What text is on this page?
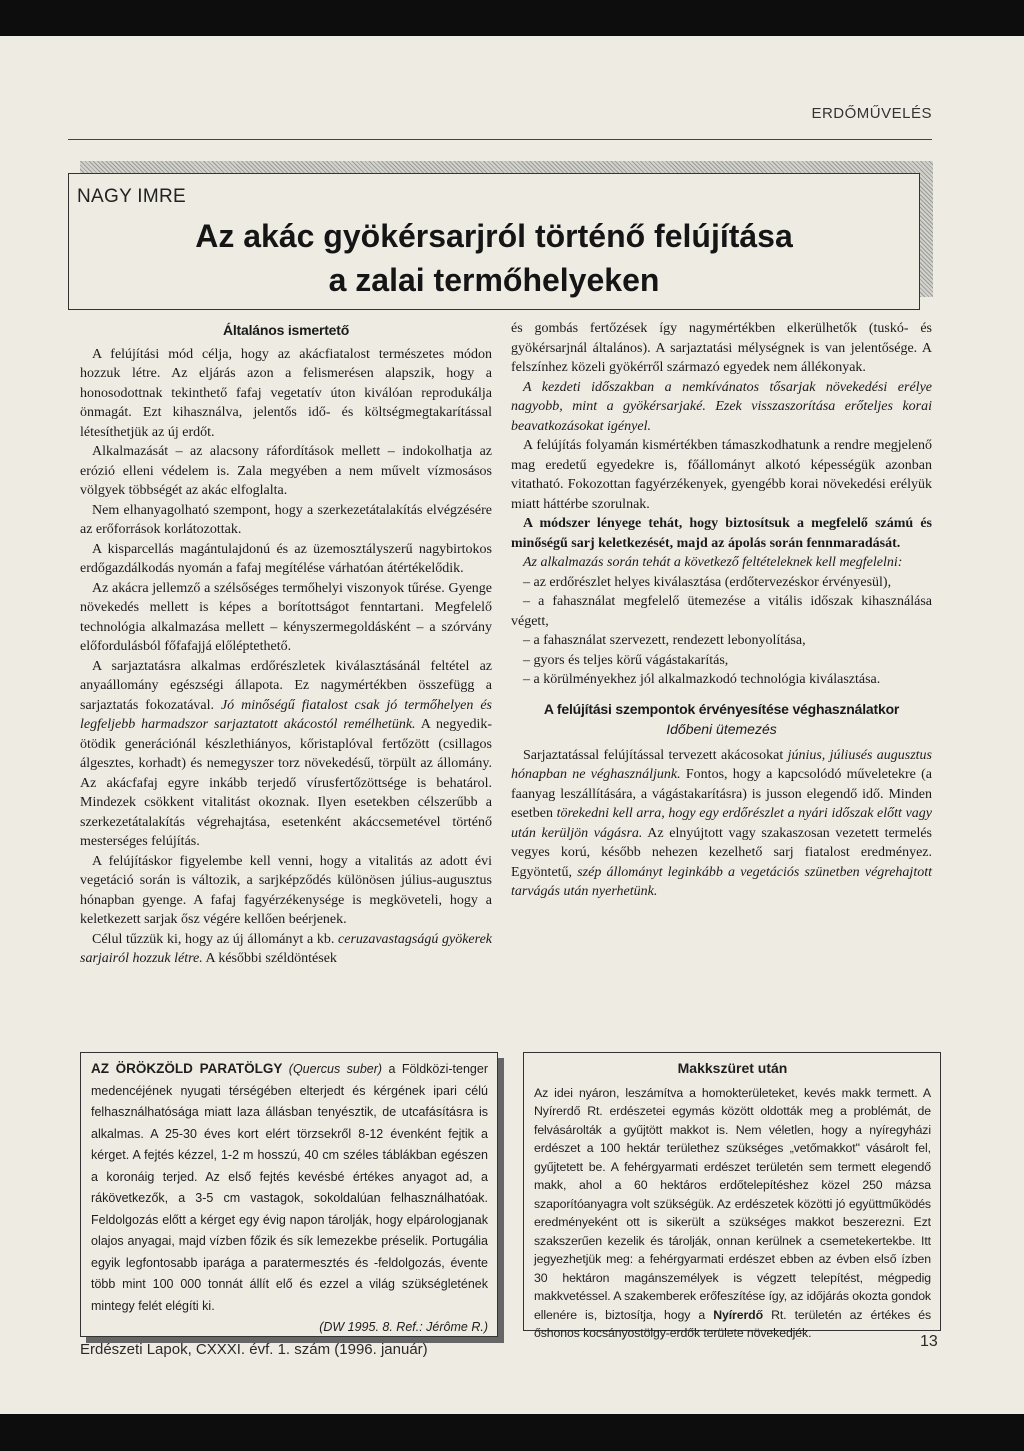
ERDŐMŰVELÉS
NAGY IMRE
Az akác gyökérsarjról történő felújítása
a zalai termőhelyeken
Általános ismertető

A felújítási mód célja, hogy az akácfiatalost természetes módon hozzuk létre. Az eljárás azon a felismerésen alapszik, hogy a honosodottnak tekinthető fafaj vegetatív úton kiválóan reprodukálja önmagát. Ezt kihasználva, jelentős idő- és költségmegtakarítással létesíthetjük az új erdőt.

Alkalmazását – az alacsony ráfordítások mellett – indokolhatja az erózió elleni védelem is. Zala megyében a nem művelt vízmosásos völgyek többségét az akác elfoglalta.

Nem elhanyagolható szempont, hogy a szerkezetátalakítás elvégzésére az erőforrások korlátozottak.

A kisparcellás magántulajdonú és az üzemosztályszerű nagybirtokos erdőgazdálkodás nyomán a fafaj megítélése várhatóan átértékelődik.

Az akácra jellemző a szélsőséges termőhelyi viszonyok tűrése. Gyenge növekedés mellett is képes a borítottságot fenntartani. Megfelelő technológia alkalmazása mellett – kényszermegoldásként – a szórvány előfordulásból főfafajjá előléptethető.

A sarjaztatásra alkalmas erdőrészletek kiválasztásánál feltétel az anyaállomány egészségi állapota. Ez nagymértékben összefügg a sarjaztatás fokozatával. Jó minőségű fiatalost csak jó termőhelyen és legfeljebb harmadszor sarjaztatott akácostól remélhetünk. A negyedik-ötödik generációnál készlethiányos, kőristaplóval fertőzött (csillagos álgesztes, korhadt) és nemegyszer torz növekedésű, törpült az állomány. Az akácfafaj egyre inkább terjedő vírusfertőzöttsége is behatárol. Mindezek csökkent vitalitást okoznak. Ilyen esetekben célszerűbb a szerkezetátalakítás végrehajtása, esetenként akáccsemetével történő mesterséges felújítás.

A felújításkor figyelembe kell venni, hogy a vitalitás az adott évi vegetáció során is változik, a sarjképződés különösen július-augusztus hónapban gyenge. A fafaj fagyérzékenysége is megköveteli, hogy a keletkezett sarjak ősz végére kellően beérjenek.

Célul tűzzük ki, hogy az új állományt a kb. ceruzavastagságú gyökerek sarjairól hozzuk létre. A későbbi széldöntések

és gombás fertőzések így nagymértékben elkerülhetők (tuskó- és gyökérsarjnál általános). A sarjaztatási mélységnek is van jelentősége. A felszínhez közeli gyökérről származó egyedek nem állékonyak.

A kezdeti időszakban a nemkívánatos tősarjak növekedési erélye nagyobb, mint a gyökérsarjaké. Ezek visszaszorítása erőteljes korai beavatkozásokat igényel.

A felújítás folyamán kismértékben támaszkodhatunk a rendre megjelenő mag eredetű egyedekre is, főállományt alkotó képességük azonban vitatható. Fokozottan fagyérzékenyek, gyengébb korai növekedési erélyük miatt háttérbe szorulnak.

A módszer lényege tehát, hogy biztosítsuk a megfelelő számú és minőségű sarj keletkezését, majd az ápolás során fennmaradását.

Az alkalmazás során tehát a következő feltételeknek kell megfelelni:

– az erdőrészlet helyes kiválasztása (erdőtervezéskor érvényesül),

– a fahasználat megfelelő ütemezése a vitális időszak kihasználása végett,

– a fahasználat szervezett, rendezett lebonyolítása,

– gyors és teljes körű vágástakarítás,

– a körülményekhez jól alkalmazkodó technológia kiválasztása.

A felújítási szempontok érvényesítése véghasználatkor
Időbeni ütemezés

Sarjaztatással felújítással tervezett akácosokat június, júliusés augusztus hónapban ne véghasználjunk. Fontos, hogy a kapcsolódó műveletekre (a faanyag leszállítására, a vágástakarításra) is jusson elegendő idő. Minden esetben törekedni kell arra, hogy egy erdőrészlet a nyári időszak előtt vagy után kerüljön vágásra. Az elnyújtott vagy szakaszosan vezetett termelés vegyes korú, később nehezen kezelhető sarj fiatalost eredményez. Egyöntetű, szép állományt leginkább a vegetációs szünetben végrehajtott tarvágás után nyerhetünk.

AZ ÖRÖKZÖLD PARATÖLGY (Quercus suber) a Földközi-tenger medencéjének nyugati térségében elterjedt és kérgének ipari célú felhasználhatósága miatt laza állásban tenyésztik, de utcafásításra is alkalmas. A 25-30 éves kort elért törzsekről 8-12 évenként fejtik a kérget. A fejtés kézzel, 1-2 m hosszú, 40 cm széles táblákban egészen a koronáig terjed. Az első fejtés kevésbé értékes anyagot ad, a rákövetkezők, a 3-5 cm vastagok, sokoldalúan felhasználhatóak. Feldolgozás előtt a kérget egy évig napon tárolják, hogy elpárologjanak olajos anyagai, majd vízben főzik és sík lemezekbe préselik. Portugália egyik legfontosabb iparága a paratermesztés és -feldolgozás, évente több mint 100 000 tonnát állít elő és ezzel a világ szükségletének mintegy felét elégíti ki.
(DW 1995. 8. Ref.: Jérôme R.)
Makkszüret után
Az idei nyáron, leszámítva a homokterületeket, kevés makk termett. A Nyírerdő Rt. erdészetei egymás között oldották meg a problémát, de felvásárolták a gyűjtött makkot is. Nem véletlen, hogy a nyíregyházi erdészet a 100 hektár területhez szükséges „vetőmakkot" vásárolt fel, gyűjtetett be. A fehérgyarmati erdészet területén sem termett elegendő makk, ahol a 60 hektáros erdőtelepítéshez közel 250 mázsa szaporítóanyagra volt szükségük. Az erdészetek közötti jó együttműködés eredményeként ott is sikerült a szükséges makkot beszerezni. Ezt szakszerűen kezelik és tárolják, onnan kerülnek a csemetekertekbe. Itt jegyezhetjük meg: a fehérgyarmati erdészet ebben az évben első ízben 30 hektáron magánszemélyek is végzett telepítést, mégpedig makkvetéssel. A szakemberek erőfeszítése így, az időjárás okozta gondok ellenére is, biztosítja, hogy a Nyírerdő Rt. területén az értékes és őshonos kocsányostölgy-erdők területe növekedjék.
Erdészeti Lapok, CXXXI. évf. 1. szám (1996. január)	13
